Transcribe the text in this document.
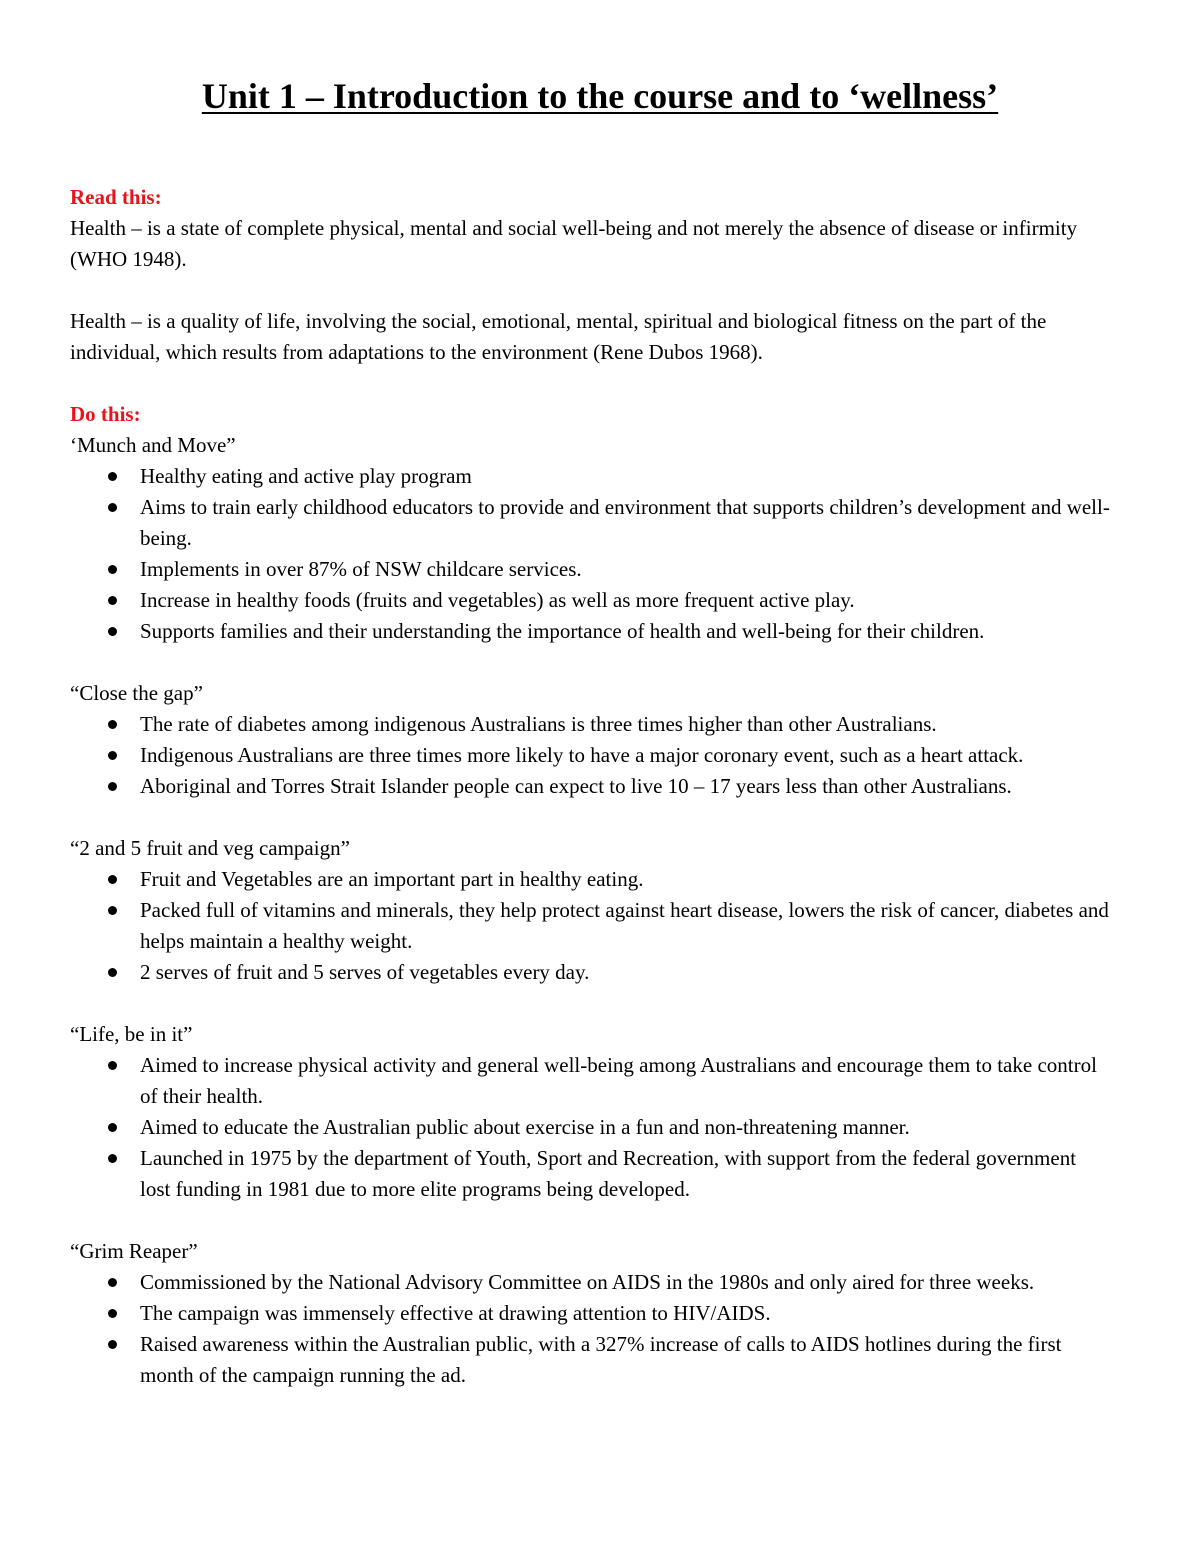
Unit 1 – Introduction to the course and to ‘wellness’
Read this:

Health – is a state of complete physical, mental and social well-being and not merely the absence of disease or infirmity (WHO 1948).

Health – is a quality of life, involving the social, emotional, mental, spiritual and biological fitness on the part of the individual, which results from adaptations to the environment (Rene Dubos 1968).

Do this:

‘Munch and Move”

Healthy eating and active play program
Aims to train early childhood educators to provide and environment that supports children’s development and well-being.
Implements in over 87% of NSW childcare services.
Increase in healthy foods (fruits and vegetables) as well as more frequent active play.
Supports families and their understanding the importance of health and well-being for their children.

“Close the gap”

The rate of diabetes among indigenous Australians is three times higher than other Australians.
Indigenous Australians are three times more likely to have a major coronary event, such as a heart attack.
Aboriginal and Torres Strait Islander people can expect to live 10 – 17 years less than other Australians.

“2 and 5 fruit and veg campaign”

Fruit and Vegetables are an important part in healthy eating.
Packed full of vitamins and minerals, they help protect against heart disease, lowers the risk of cancer, diabetes and helps maintain a healthy weight.
2 serves of fruit and 5 serves of vegetables every day.

“Life, be in it”

Aimed to increase physical activity and general well-being among Australians and encourage them to take control of their health.
Aimed to educate the Australian public about exercise in a fun and non-threatening manner.
Launched in 1975 by the department of Youth, Sport and Recreation, with support from the federal government lost funding in 1981 due to more elite programs being developed.

“Grim Reaper”

Commissioned by the National Advisory Committee on AIDS in the 1980s and only aired for three weeks.
The campaign was immensely effective at drawing attention to HIV/AIDS.
Raised awareness within the Australian public, with a 327% increase of calls to AIDS hotlines during the first month of the campaign running the ad.
